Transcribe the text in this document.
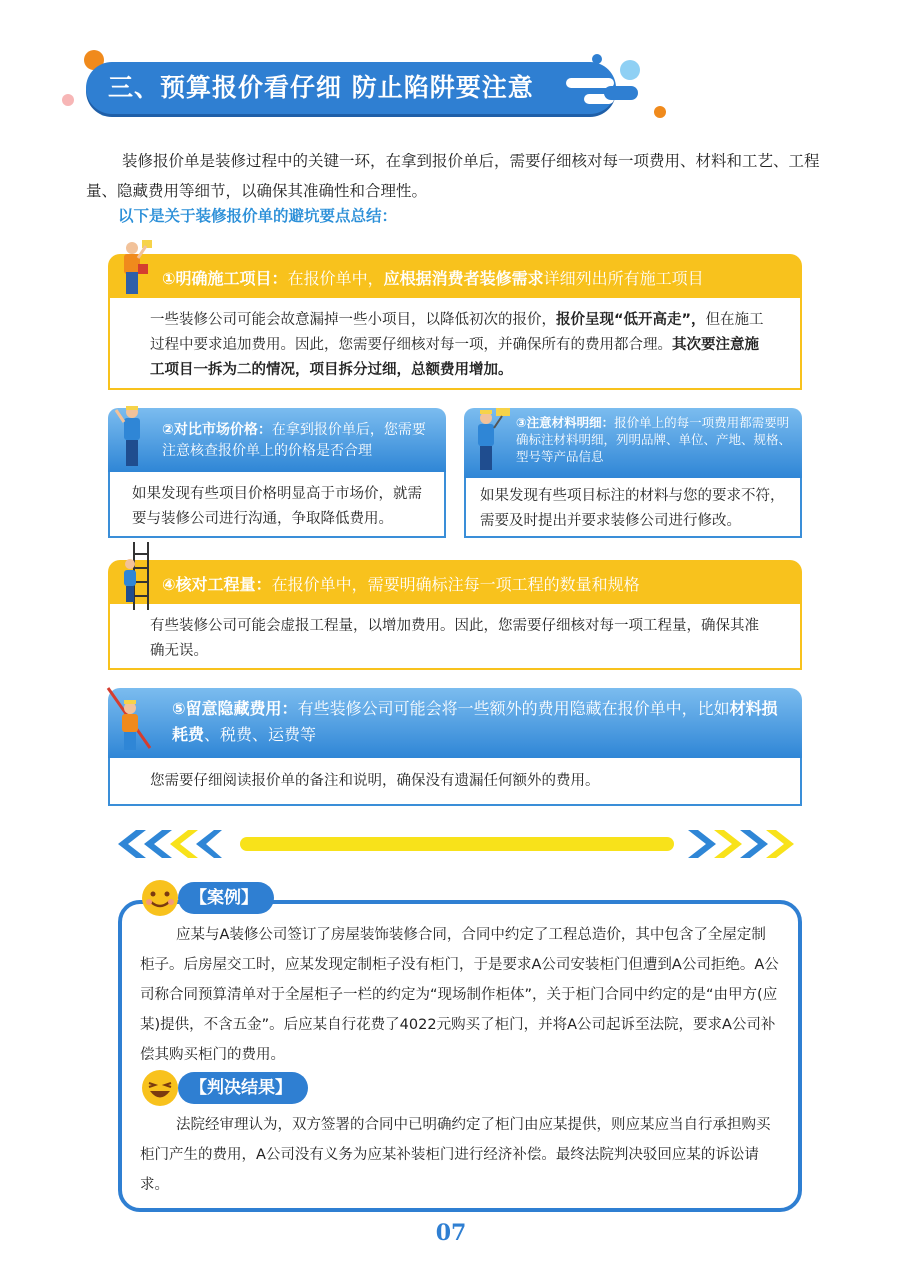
三、预算报价看仔细 防止陷阱要注意
装修报价单是装修过程中的关键一环，在拿到报价单后，需要仔细核对每一项费用、材料和工艺、工程量、隐藏费用等细节，以确保其准确性和合理性。
以下是关于装修报价单的避坑要点总结：
①明确施工项目：在报价单中，应根据消费者装修需求详细列出所有施工项目
一些装修公司可能会故意漏掉一些小项目，以降低初次的报价，报价呈现“低开高走”，但在施工过程中要求追加费用。因此，您需要仔细核对每一项，并确保所有的费用都合理。其次要注意施工项目一拆为二的情况，项目拆分过细，总额费用增加。
②对比市场价格：在拿到报价单后，您需要注意核查报价单上的价格是否合理
如果发现有些项目价格明显高于市场价，就需要与装修公司进行沟通，争取降低费用。
③注意材料明细：报价单上的每一项费用都需要明确标注材料明细，列明品牌、单位、产地、规格、型号等产品信息
如果发现有些项目标注的材料与您的要求不符，需要及时提出并要求装修公司进行修改。
④核对工程量：在报价单中，需要明确标注每一项工程的数量和规格
有些装修公司可能会虚报工程量，以增加费用。因此，您需要仔细核对每一项工程量，确保其准确无误。
⑤留意隐藏费用：有些装修公司可能会将一些额外的费用隐藏在报价单中，比如材料损耗费、税费、运费等
您需要仔细阅读报价单的备注和说明，确保没有遗漏任何额外的费用。
【案例】
应某与A装修公司签订了房屋装饰装修合同，合同中约定了工程总造价，其中包含了全屋定制柜子。后房屋交工时，应某发现定制柜子没有柜门，于是要求A公司安装柜门但遭到A公司拒绝。A公司称合同预算清单对于全屋柜子一栏的约定为“现场制作柜体”，关于柜门合同中约定的是“由甲方(应某)提供，不含五金”。后应某自行花费了4022元购买了柜门，并将A公司起诉至法院，要求A公司补偿其购买柜门的费用。
【判决结果】
法院经审理认为，双方签署的合同中已明确约定了柜门由应某提供，则应某应当自行承担购买柜门产生的费用，A公司没有义务为应某补装柜门进行经济补偿。最终法院判决驳回应某的诉讼请求。
07
